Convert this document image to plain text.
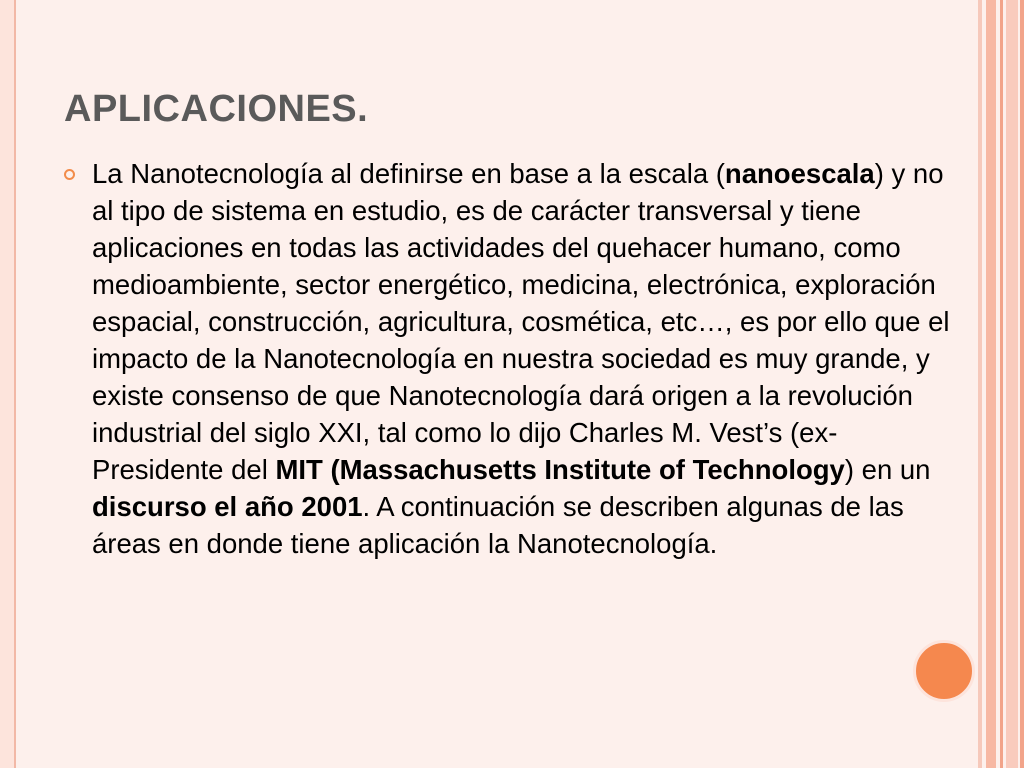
APLICACIONES.

La Nanotecnología al definirse en base a la escala (nanoescala) y no al tipo de sistema en estudio, es de carácter transversal y tiene aplicaciones en todas las actividades del quehacer humano, como medioambiente, sector energético, medicina, electrónica, exploración espacial, construcción, agricultura, cosmética, etc…, es por ello que el impacto de la Nanotecnología en nuestra sociedad es muy grande, y existe consenso de que Nanotecnología dará origen a la revolución industrial del siglo XXI, tal como lo dijo Charles M. Vest’s (ex-Presidente del MIT (Massachusetts Institute of Technology) en un discurso el año 2001. A continuación se describen algunas de las áreas en donde tiene aplicación la Nanotecnología.
